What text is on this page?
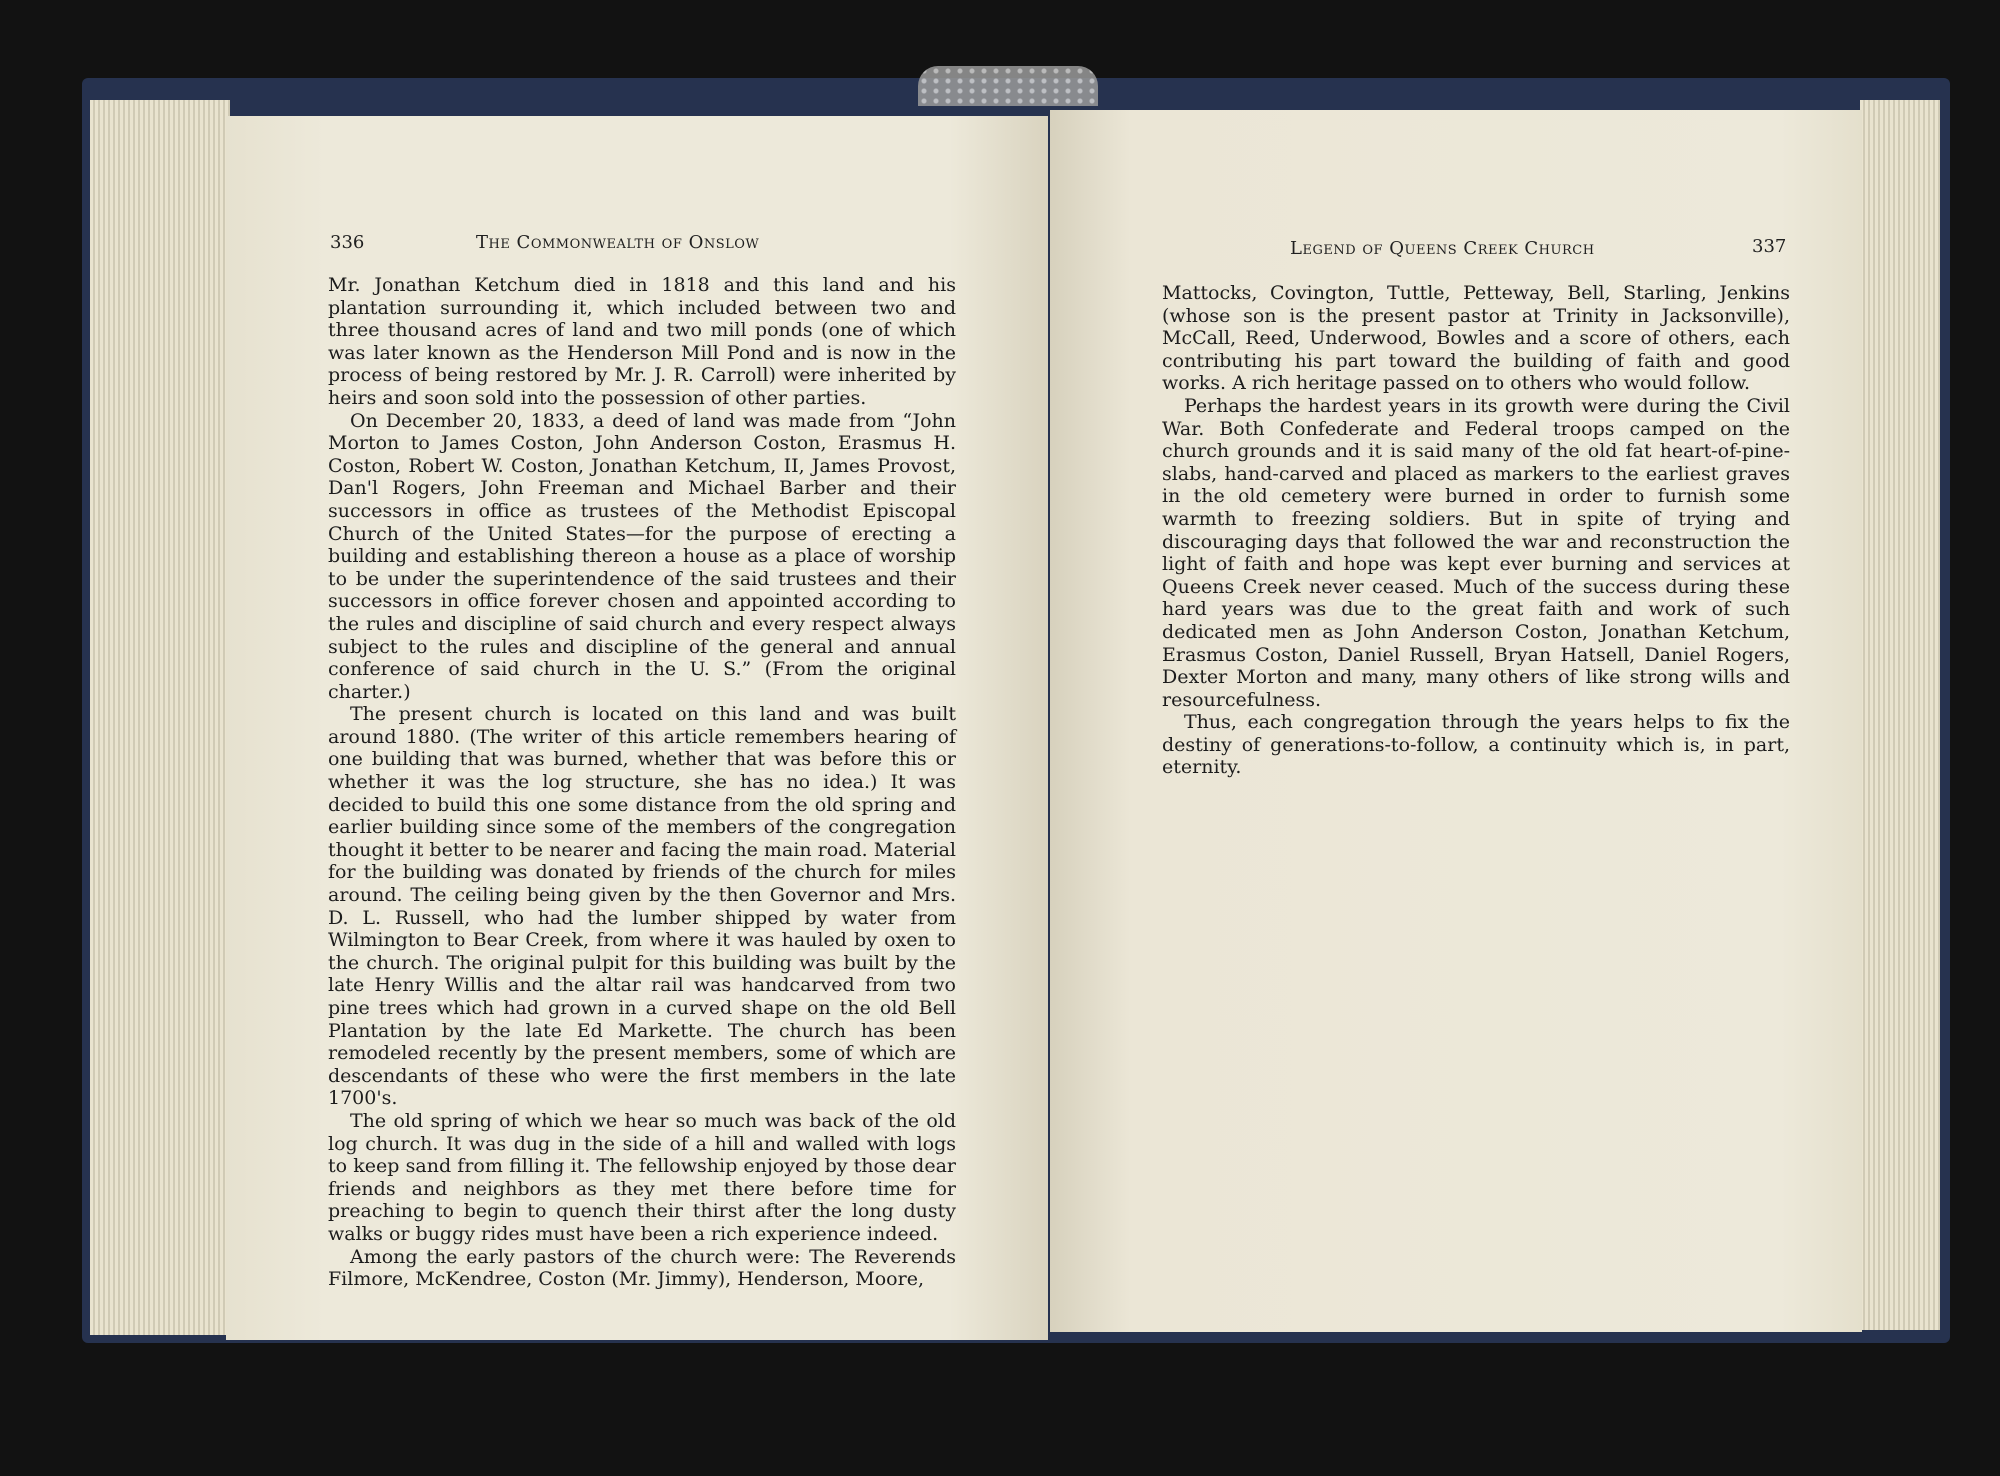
336	The Commonwealth of Onslow

Mr. Jonathan Ketchum died in 1818 and this land and his plantation surrounding it, which included between two and three thousand acres of land and two mill ponds (one of which was later known as the Henderson Mill Pond and is now in the process of being restored by Mr. J. R. Carroll) were inherited by heirs and soon sold into the possession of other parties.

On December 20, 1833, a deed of land was made from “John Morton to James Coston, John Anderson Coston, Erasmus H. Coston, Robert W. Coston, Jonathan Ketchum, II, James Provost, Dan'l Rogers, John Freeman and Michael Barber and their successors in office as trustees of the Methodist Episcopal Church of the United States—for the purpose of erecting a building and establishing thereon a house as a place of worship to be under the superintendence of the said trustees and their successors in office forever chosen and appointed according to the rules and discipline of said church and every respect always subject to the rules and discipline of the general and annual conference of said church in the U. S.” (From the original charter.)

The present church is located on this land and was built around 1880. (The writer of this article remembers hearing of one building that was burned, whether that was before this or whether it was the log structure, she has no idea.) It was decided to build this one some distance from the old spring and earlier building since some of the members of the congregation thought it better to be nearer and facing the main road. Material for the building was donated by friends of the church for miles around. The ceiling being given by the then Governor and Mrs. D. L. Russell, who had the lumber shipped by water from Wilmington to Bear Creek, from where it was hauled by oxen to the church. The original pulpit for this building was built by the late Henry Willis and the altar rail was handcarved from two pine trees which had grown in a curved shape on the old Bell Plantation by the late Ed Markette. The church has been remodeled recently by the present members, some of which are descendants of these who were the first members in the late 1700's.

The old spring of which we hear so much was back of the old log church. It was dug in the side of a hill and walled with logs to keep sand from filling it. The fellowship enjoyed by those dear friends and neighbors as they met there before time for preaching to begin to quench their thirst after the long dusty walks or buggy rides must have been a rich experience indeed.

Among the early pastors of the church were: The Reverends Filmore, McKendree, Coston (Mr. Jimmy), Henderson, Moore,

Legend of Queens Creek Church	337

Mattocks, Covington, Tuttle, Petteway, Bell, Starling, Jenkins (whose son is the present pastor at Trinity in Jacksonville), McCall, Reed, Underwood, Bowles and a score of others, each contributing his part toward the building of faith and good works. A rich heritage passed on to others who would follow.

Perhaps the hardest years in its growth were during the Civil War. Both Confederate and Federal troops camped on the church grounds and it is said many of the old fat heart-of-pine-slabs, hand-carved and placed as markers to the earliest graves in the old cemetery were burned in order to furnish some warmth to freezing soldiers. But in spite of trying and discouraging days that followed the war and reconstruction the light of faith and hope was kept ever burning and services at Queens Creek never ceased. Much of the success during these hard years was due to the great faith and work of such dedicated men as John Anderson Coston, Jonathan Ketchum, Erasmus Coston, Daniel Russell, Bryan Hatsell, Daniel Rogers, Dexter Morton and many, many others of like strong wills and resourcefulness.

Thus, each congregation through the years helps to fix the destiny of generations-to-follow, a continuity which is, in part, eternity.
